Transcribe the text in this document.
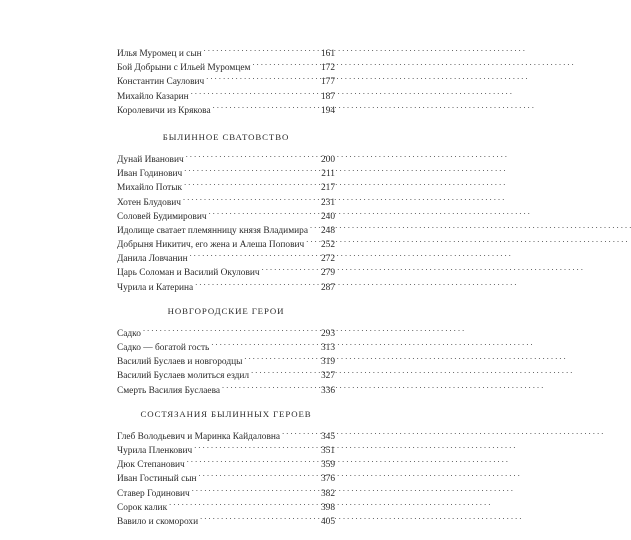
Илья Муромец и сын . . .	161
Бой Добрыни с Ильей Муромцем . . .	172
Константин Саулович . . .	177
Михайло Казарин . . .	187
Королевичи из Крякова . . .	194
БЫЛИННОЕ СВАТОВСТВО
Дунай Иванович . . .	200
Иван Годинович . . .	211
Михайло Потык . . .	217
Хотен Блудович . . .	231
Соловей Будимирович . . .	240
Идолище сватает племянницу князя Владимира . . . 248
Добрыня Никитич, его жена и Алеша Попович . . . 252
Данила Ловчанин . . .	272
Царь Соломан и Василий Окулович . . .	279
Чурила и Катерина . . .	287
НОВГОРОДСКИЕ ГЕРОИ
Садко . . .	293
Садко — богатой гость . . .	313
Василий Буслаев и новгородцы . . .	319
Василий Буслаев молиться ездил . . .	327
Смерть Василия Буслаева . . .	336
СОСТЯЗАНИЯ БЫЛИННЫХ ГЕРОЕВ
Глеб Володьевич и Маринка Кайдаловна . . .	345
Чурила Пленкович . . .	351
Дюк Степанович . . .	359
Иван Гостиный сын . . .	376
Ставер Годинович . . .	382
Сорок калик . . .	398
Вавило и скоморохи . . .	405
